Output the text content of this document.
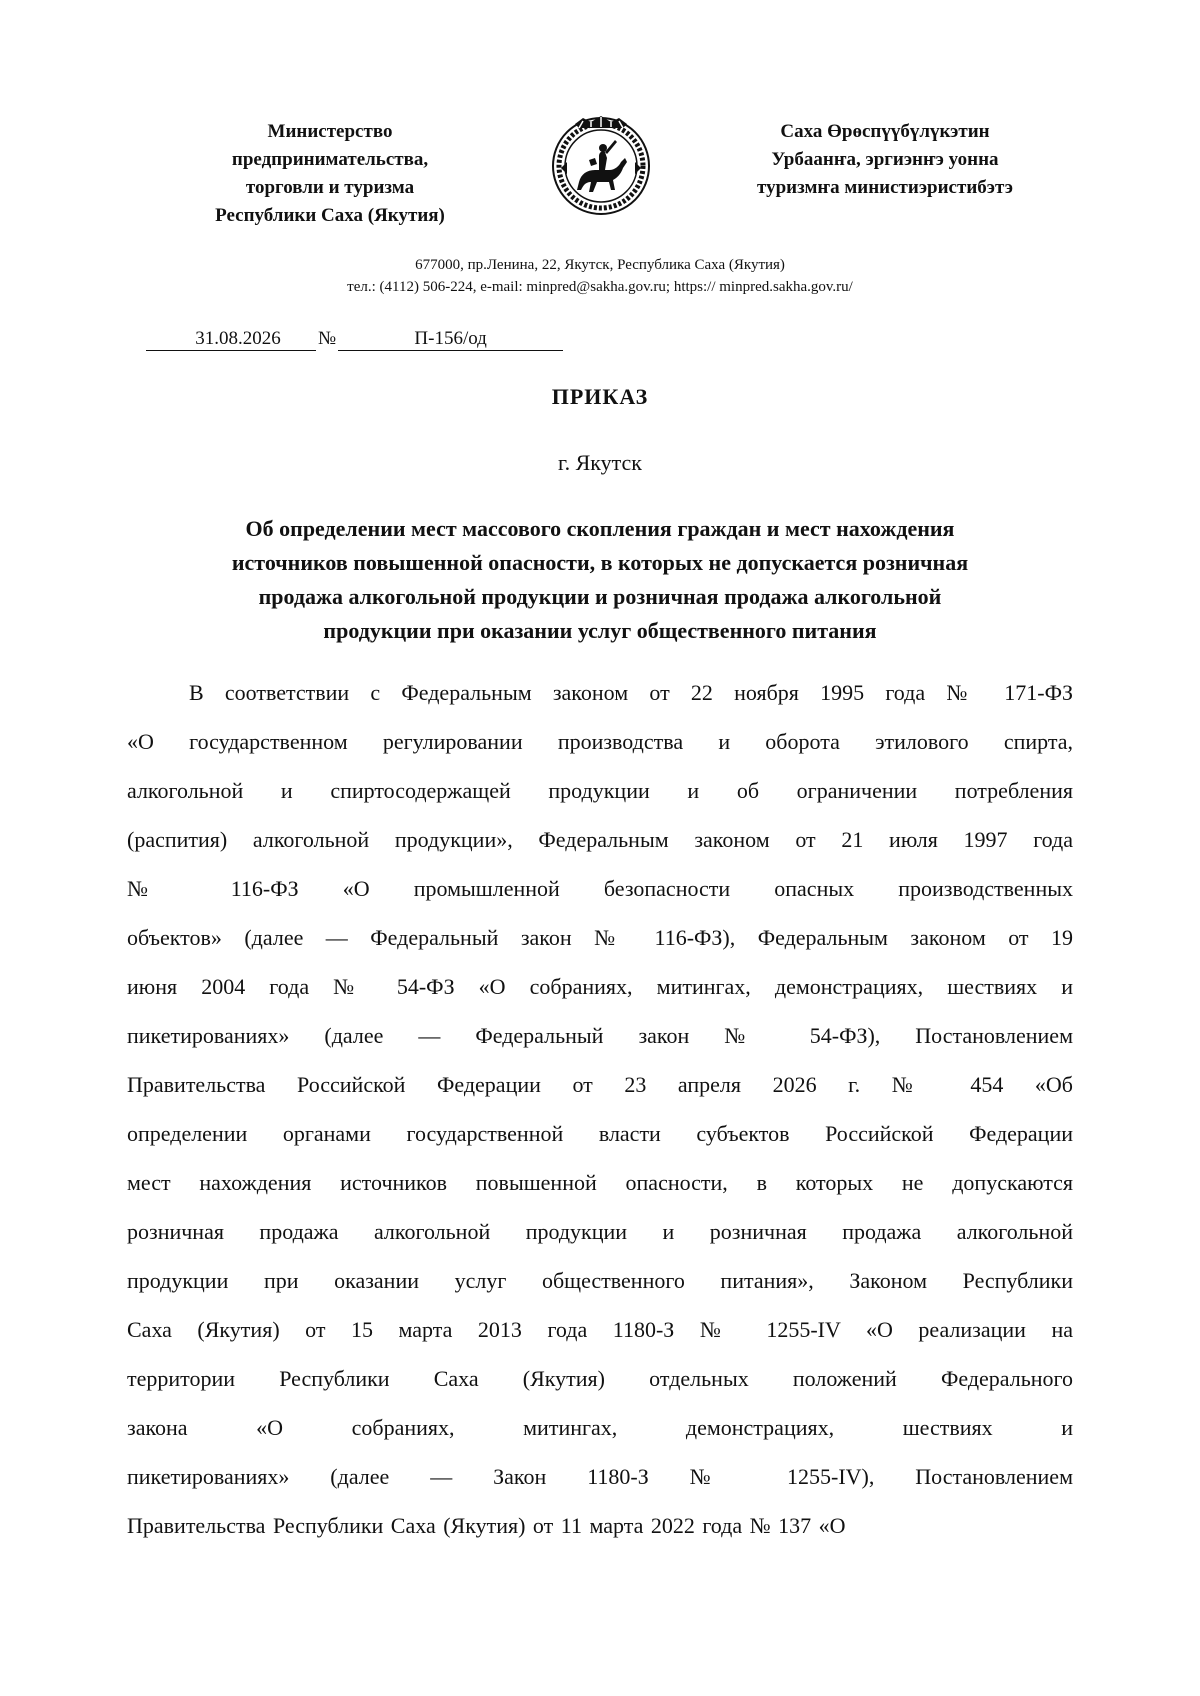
Министерство
предпринимательства,
торговли и туризма
Республики Саха (Якутия)
Саха Өрөспүүбүлүкэтин
Урбаанҥа, эргиэнҥэ уонна
туризмҥа министиэристибэтэ
677000, пр.Ленина, 22, Якутск, Республика Саха (Якутия)
тел.: (4112) 506-224, e-mail: minpred@sakha.gov.ru; https:// minpred.sakha.gov.ru/
31.08.2026 №	П-156/од
ПРИКАЗ
г. Якутск
Об определении мест массового скопления граждан и мест нахождения
источников повышенной опасности, в которых не допускается розничная
продажа алкогольной продукции и розничная продажа алкогольной
продукции при оказании услуг общественного питания
В соответствии с Федеральным законом от 22 ноября 1995 года № 171-ФЗ
«О государственном регулировании производства и оборота этилового спирта,
алкогольной и спиртосодержащей продукции и об ограничении потребления
(распития) алкогольной продукции», Федеральным законом от 21 июля 1997 года
№ 116-ФЗ «О промышленной безопасности опасных производственных
объектов» (далее — Федеральный закон № 116-ФЗ), Федеральным законом от 19
июня 2004 года № 54-ФЗ «О собраниях, митингах, демонстрациях, шествиях и
пикетированиях» (далее — Федеральный закон № 54-ФЗ), Постановлением
Правительства Российской Федерации от 23 апреля 2026 г. № 454 «Об
определении органами государственной власти субъектов Российской Федерации
мест нахождения источников повышенной опасности, в которых не допускаются
розничная продажа алкогольной продукции и розничная продажа алкогольной
продукции при оказании услуг общественного питания», Законом Республики
Саха (Якутия) от 15 марта 2013 года 1180-З № 1255-IV «О реализации на
территории Республики Саха (Якутия) отдельных положений Федерального
закона «О собраниях, митингах, демонстрациях, шествиях и
пикетированиях» (далее — Закон 1180-З № 1255-IV), Постановлением
Правительства Республики Саха (Якутия) от 11 марта 2022 года № 137 «О
